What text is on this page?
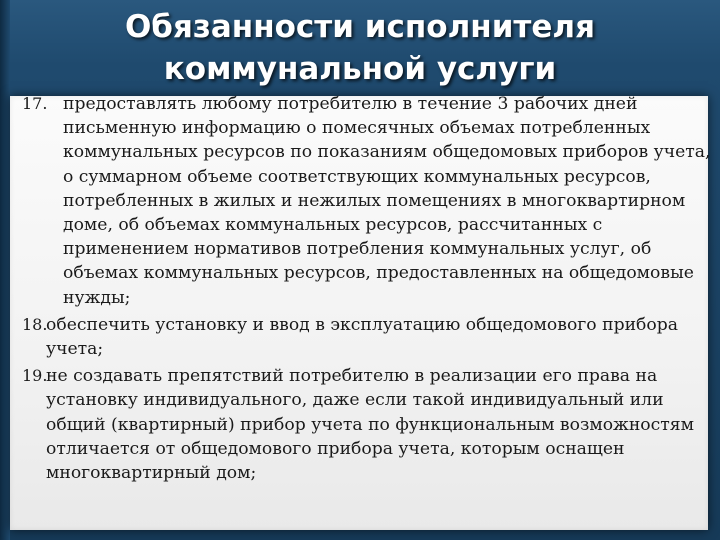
Обязанности исполнителя
коммунальной услуги
17. предоставлять любому потребителю в течение 3 рабочих дней письменную информацию о помесячных объемах потребленных коммунальных ресурсов по показаниям общедомовых приборов учета, о суммарном объеме соответствующих коммунальных ресурсов, потребленных в жилых и нежилых помещениях в многоквартирном доме, об объемах коммунальных ресурсов, рассчитанных с применением нормативов потребления коммунальных услуг, об объемах коммунальных ресурсов, предоставленных на общедомовые нужды;
18.
обеспечить установку и ввод в эксплуатацию общедомового прибора учета;
19.
не создавать препятствий потребителю в реализации его права на установку индивидуального, даже если такой индивидуальный или общий (квартирный) прибор учета по функциональным возможностям отличается от общедомового прибора учета, которым оснащен многоквартирный дом;
